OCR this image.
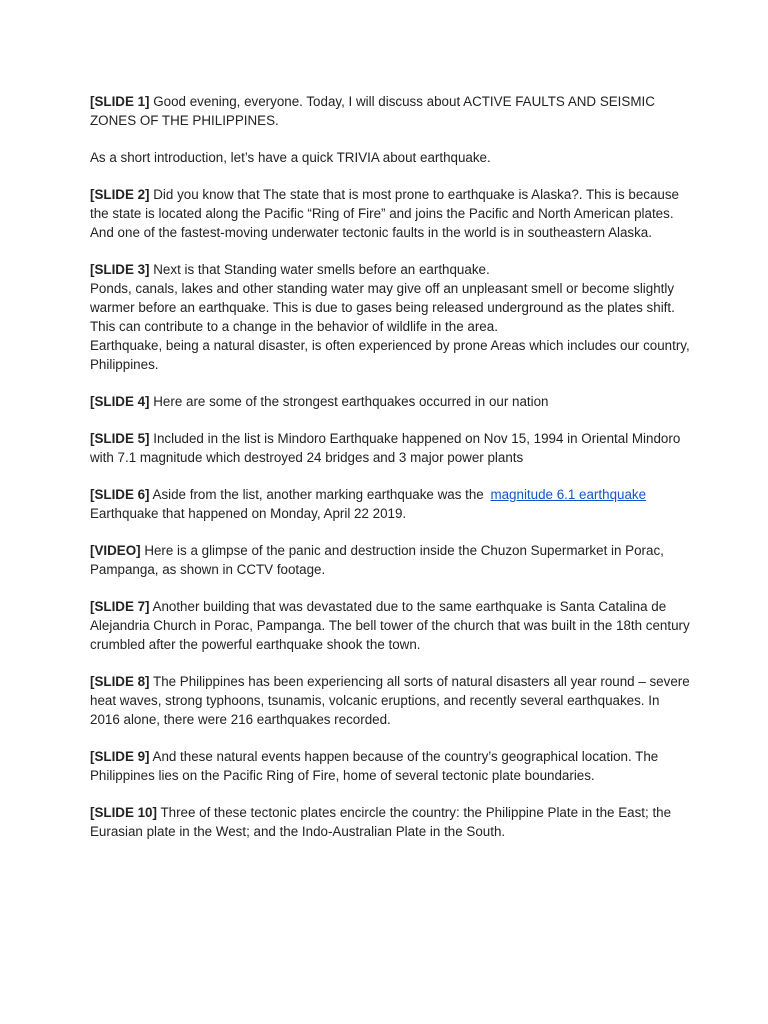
[SLIDE 1] Good evening, everyone. Today, I will discuss about ACTIVE FAULTS AND SEISMIC ZONES OF THE PHILIPPINES.

As a short introduction, let’s have a quick TRIVIA about earthquake.

[SLIDE 2] Did you know that The state that is most prone to earthquake is Alaska?. This is because the state is located along the Pacific “Ring of Fire” and joins the Pacific and North American plates. And one of the fastest-moving underwater tectonic faults in the world is in southeastern Alaska.

[SLIDE 3] Next is that Standing water smells before an earthquake.

Ponds, canals, lakes and other standing water may give off an unpleasant smell or become slightly warmer before an earthquake. This is due to gases being released underground as the plates shift. This can contribute to a change in the behavior of wildlife in the area.

Earthquake, being a natural disaster, is often experienced by prone Areas which includes our country, Philippines.

[SLIDE 4] Here are some of the strongest earthquakes occurred in our nation

[SLIDE 5] Included in the list is Mindoro Earthquake happened on Nov 15, 1994 in Oriental Mindoro with 7.1 magnitude which destroyed 24 bridges and 3 major power plants

[SLIDE 6] Aside from the list, another marking earthquake was the magnitude 6.1 earthquake Earthquake that happened on Monday, April 22 2019.

[VIDEO] Here is a glimpse of the panic and destruction inside the Chuzon Supermarket in Porac, Pampanga, as shown in CCTV footage.

[SLIDE 7] Another building that was devastated due to the same earthquake is Santa Catalina de Alejandria Church in Porac, Pampanga. The bell tower of the church that was built in the 18th century crumbled after the powerful earthquake shook the town.

[SLIDE 8] The Philippines has been experiencing all sorts of natural disasters all year round – severe heat waves, strong typhoons, tsunamis, volcanic eruptions, and recently several earthquakes. In 2016 alone, there were 216 earthquakes recorded.

[SLIDE 9] And these natural events happen because of the country’s geographical location. The Philippines lies on the Pacific Ring of Fire, home of several tectonic plate boundaries.

[SLIDE 10] Three of these tectonic plates encircle the country: the Philippine Plate in the East; the Eurasian plate in the West; and the Indo-Australian Plate in the South.
